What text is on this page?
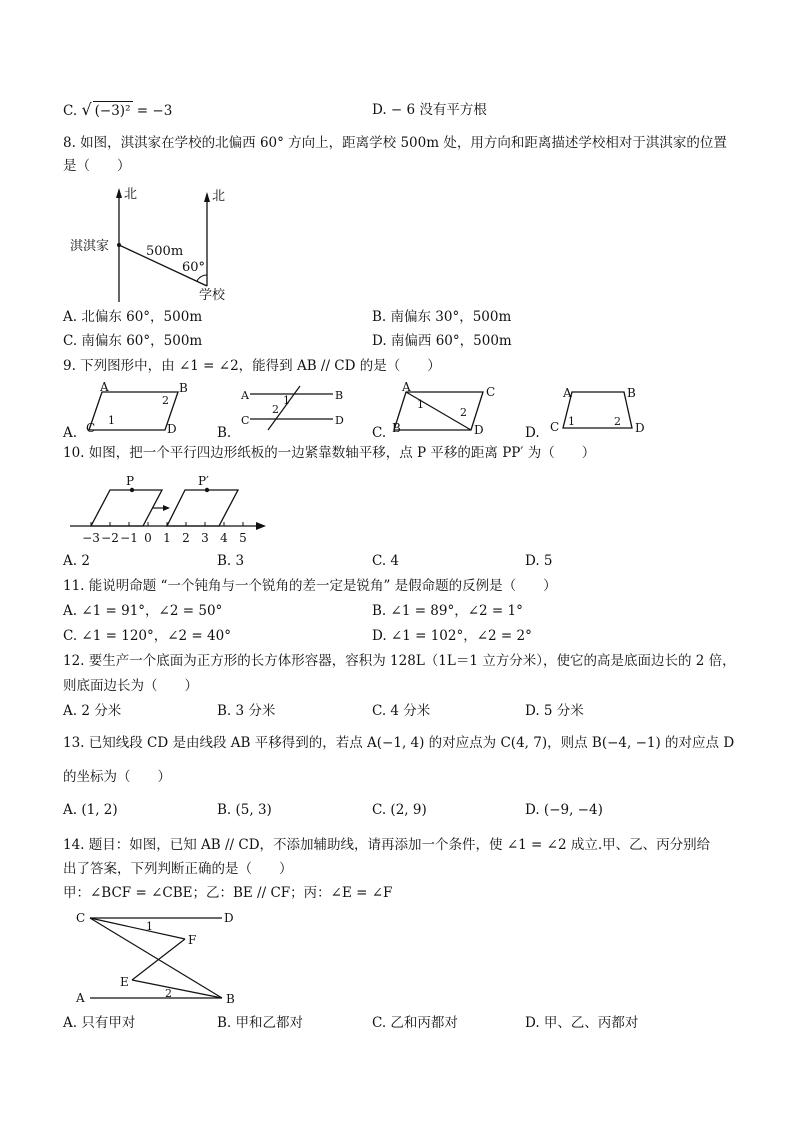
C. √ (−3)² = −3	D. − 6 没有平方根
8. 如图，淇淇家在学校的北偏西 60° 方向上，距离学校 500m 处，用方向和距离描述学校相对于淇淇家的位置
是（　　）
北	北
淇淇家	500m
60°
学校
A. 北偏东 60°，500m	B. 南偏东 30°，500m
C. 南偏东 60°，500m	D. 南偏西 60°，500m
9. 下列图形中，由 ∠1 = ∠2，能得到 AB // CD 的是（　　）
A	B
C	D
1
2	A	B
C	D
1
2
A	C
B	D
1
2
A	B
C	D
1	2
A.	B.	C.	D.
10. 如图，把一个平行四边形纸板的一边紧靠数轴平移，点 P 平移的距离 PP′ 为（　　）
P	P′
−3 −2 −1 0 1 2 3 4 5
A. 2	B. 3	C. 4	D. 5
11. 能说明命题 “一个钝角与一个锐角的差一定是锐角” 是假命题的反例是（　　）
A. ∠1 = 91°，∠2 = 50°	B. ∠1 = 89°，∠2 = 1°
C. ∠1 = 120°，∠2 = 40°	D. ∠1 = 102°，∠2 = 2°
12. 要生产一个底面为正方形的长方体形容器，容积为 128L（1L＝1 立方分米），使它的高是底面边长的 2 倍，
则底面边长为（　　）
A. 2 分米	B. 3 分米	C. 4 分米	D. 5 分米
13. 已知线段 CD 是由线段 AB 平移得到的，若点 A(−1, 4) 的对应点为 C(4, 7)，则点 B(−4, −1) 的对应点 D
的坐标为（　　）
A. (1, 2)	B. (5, 3)	C. (2, 9)	D. (−9, −4)
14. 题目：如图，已知 AB // CD，不添加辅助线，请再添加一个条件，使 ∠1 = ∠2 成立.甲、乙、丙分别给
出了答案，下列判断正确的是（　　）
甲：∠BCF = ∠CBE；乙：BE // CF；丙：∠E = ∠F
C	D
F
E
A	B
1
2
A. 只有甲对	B. 甲和乙都对	C. 乙和丙都对	D. 甲、乙、丙都对
